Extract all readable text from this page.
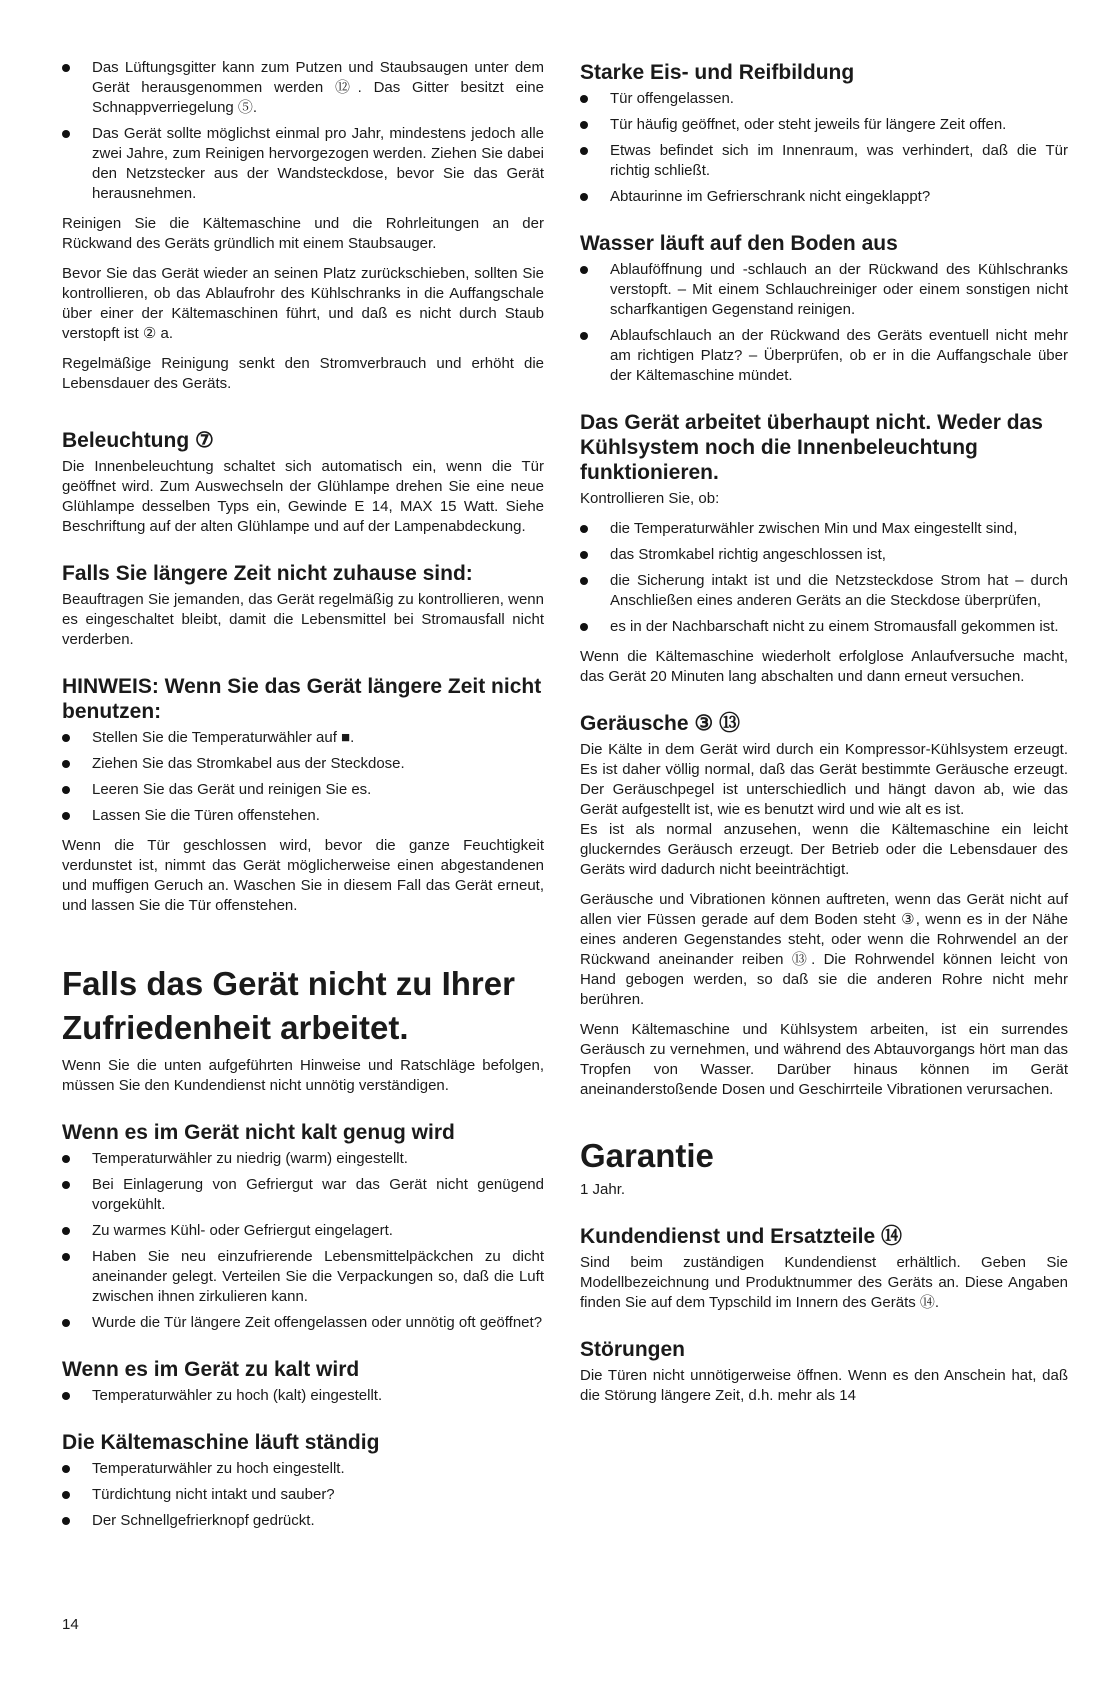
Das Lüftungsgitter kann zum Putzen und Staubsaugen unter dem Gerät herausgenommen werden ⑫. Das Gitter besitzt eine Schnappverriegelung ⑤.
Das Gerät sollte möglichst einmal pro Jahr, mindestens jedoch alle zwei Jahre, zum Reinigen hervorgezogen werden. Ziehen Sie dabei den Netzstecker aus der Wandsteckdose, bevor Sie das Gerät herausnehmen.

Reinigen Sie die Kältemaschine und die Rohrleitungen an der Rückwand des Geräts gründlich mit einem Staubsauger.

Bevor Sie das Gerät wieder an seinen Platz zurückschieben, sollten Sie kontrollieren, ob das Ablaufrohr des Kühlschranks in die Auffangschale über einer der Kältemaschinen führt, und daß es nicht durch Staub verstopft ist ② a.

Regelmäßige Reinigung senkt den Stromverbrauch und erhöht die Lebensdauer des Geräts.

Beleuchtung ⑦

Die Innenbeleuchtung schaltet sich automatisch ein, wenn die Tür geöffnet wird. Zum Auswechseln der Glühlampe drehen Sie eine neue Glühlampe desselben Typs ein, Gewinde E 14, MAX 15 Watt. Siehe Beschriftung auf der alten Glühlampe und auf der Lampenabdeckung.

Falls Sie längere Zeit nicht zuhause sind:

Beauftragen Sie jemanden, das Gerät regelmäßig zu kontrollieren, wenn es eingeschaltet bleibt, damit die Lebensmittel bei Stromausfall nicht verderben.

HINWEIS: Wenn Sie das Gerät längere Zeit nicht benutzen:
Stellen Sie die Temperaturwähler auf ■.
Ziehen Sie das Stromkabel aus der Steckdose.
Leeren Sie das Gerät und reinigen Sie es.
Lassen Sie die Türen offenstehen.

Wenn die Tür geschlossen wird, bevor die ganze Feuchtigkeit verdunstet ist, nimmt das Gerät möglicherweise einen abgestandenen und muffigen Geruch an. Waschen Sie in diesem Fall das Gerät erneut, und lassen Sie die Tür offenstehen.

Falls das Gerät nicht zu Ihrer Zufriedenheit arbeitet.

Wenn Sie die unten aufgeführten Hinweise und Ratschläge befolgen, müssen Sie den Kundendienst nicht unnötig verständigen.

Wenn es im Gerät nicht kalt genug wird
Temperaturwähler zu niedrig (warm) eingestellt.
Bei Einlagerung von Gefriergut war das Gerät nicht genügend vorgekühlt.
Zu warmes Kühl- oder Gefriergut eingelagert.
Haben Sie neu einzufrierende Lebensmittelpäckchen zu dicht aneinander gelegt. Verteilen Sie die Verpackungen so, daß die Luft zwischen ihnen zirkulieren kann.
Wurde die Tür längere Zeit offengelassen oder unnötig oft geöffnet?
Wenn es im Gerät zu kalt wird
Temperaturwähler zu hoch (kalt) eingestellt.
Die Kältemaschine läuft ständig
Temperaturwähler zu hoch eingestellt.
Türdichtung nicht intakt und sauber?
Der Schnellgefrierknopf gedrückt.
Starke Eis- und Reifbildung
Tür offengelassen.
Tür häufig geöffnet, oder steht jeweils für längere Zeit offen.
Etwas befindet sich im Innenraum, was verhindert, daß die Tür richtig schließt.
Abtaurinne im Gefrierschrank nicht eingeklappt?
Wasser läuft auf den Boden aus
Ablauföffnung und -schlauch an der Rückwand des Kühlschranks verstopft. – Mit einem Schlauchreiniger oder einem sonstigen nicht scharfkantigen Gegenstand reinigen.
Ablaufschlauch an der Rückwand des Geräts eventuell nicht mehr am richtigen Platz? – Überprüfen, ob er in die Auffangschale über der Kältemaschine mündet.
Das Gerät arbeitet überhaupt nicht. Weder das Kühlsystem noch die Innenbeleuchtung funktionieren.

Kontrollieren Sie, ob:

die Temperaturwähler zwischen Min und Max eingestellt sind,
das Stromkabel richtig angeschlossen ist,
die Sicherung intakt ist und die Netzsteckdose Strom hat – durch Anschließen eines anderen Geräts an die Steckdose überprüfen,
es in der Nachbarschaft nicht zu einem Stromausfall gekommen ist.

Wenn die Kältemaschine wiederholt erfolglose Anlaufversuche macht, das Gerät 20 Minuten lang abschalten und dann erneut versuchen.

Geräusche ③ ⑬

Die Kälte in dem Gerät wird durch ein Kompressor-Kühlsystem erzeugt. Es ist daher völlig normal, daß das Gerät bestimmte Geräusche erzeugt. Der Geräuschpegel ist unterschiedlich und hängt davon ab, wie das Gerät aufgestellt ist, wie es benutzt wird und wie alt es ist.

Es ist als normal anzusehen, wenn die Kältemaschine ein leicht gluckerndes Geräusch erzeugt. Der Betrieb oder die Lebensdauer des Geräts wird dadurch nicht beeinträchtigt.

Geräusche und Vibrationen können auftreten, wenn das Gerät nicht auf allen vier Füssen gerade auf dem Boden steht ③, wenn es in der Nähe eines anderen Gegenstandes steht, oder wenn die Rohrwendel an der Rückwand aneinander reiben ⑬. Die Rohrwendel können leicht von Hand gebogen werden, so daß sie die anderen Rohre nicht mehr berühren.

Wenn Kältemaschine und Kühlsystem arbeiten, ist ein surrendes Geräusch zu vernehmen, und während des Abtauvorgangs hört man das Tropfen von Wasser. Darüber hinaus können im Gerät aneinanderstoßende Dosen und Geschirrteile Vibrationen verursachen.

Garantie

1 Jahr.

Kundendienst und Ersatzteile ⑭

Sind beim zuständigen Kundendienst erhältlich. Geben Sie Modellbezeichnung und Produktnummer des Geräts an. Diese Angaben finden Sie auf dem Typschild im Innern des Geräts ⑭.

Störungen

Die Türen nicht unnötigerweise öffnen. Wenn es den Anschein hat, daß die Störung längere Zeit, d.h. mehr als 14

14
